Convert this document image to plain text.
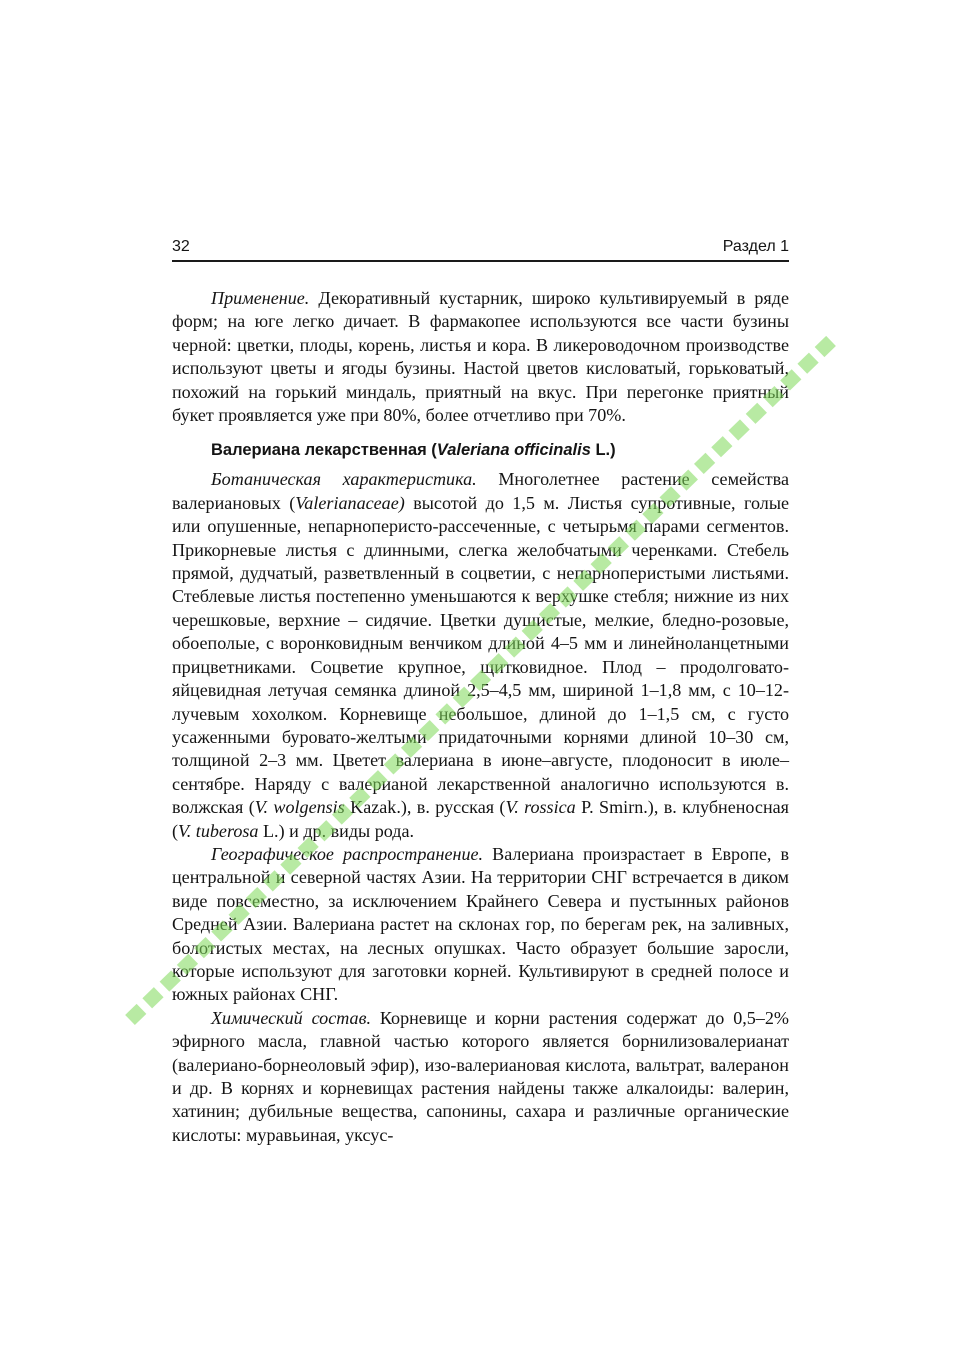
32	Раздел 1

Применение. Декоративный кустарник, широко культивируемый в ряде форм; на юге легко дичает. В фармакопее используются все части бузины черной: цветки, плоды, корень, листья и кора. В ликероводочном производстве используют цветы и ягоды бузины. Настой цветов кисловатый, горьковатый, похожий на горький миндаль, приятный на вкус. При перегонке приятный букет проявляется уже при 80%, более отчетливо при 70%.

Валериана лекарственная (Valeriana officinalis L.)

Ботаническая характеристика. Многолетнее растение семейства валериановых (Valerianaceae) высотой до 1,5 м. Листья супротивные, голые или опушенные, непарноперисто-рассеченные, с четырьмя парами сегментов. Прикорневые листья с длинными, слегка желобчатыми черенками. Стебель прямой, дудчатый, разветвленный в соцветии, с непарноперистыми листьями. Стеблевые листья постепенно уменьшаются к верхушке стебля; нижние из них черешковые, верхние – сидячие. Цветки душистые, мелкие, бледно-розовые, обоеполые, с воронковидным венчиком длиной 4–5 мм и линейноланцетными прицветниками. Соцветие крупное, щитковидное. Плод – продолговато-яйцевидная летучая семянка длиной 2,5–4,5 мм, шириной 1–1,8 мм, с 10–12-лучевым хохолком. Корневище небольшое, длиной до 1–1,5 см, с густо усаженными буровато-желтыми придаточными корнями длиной 10–30 см, толщиной 2–3 мм. Цветет валериана в июне–августе, плодоносит в июле–сентябре. Наряду с валерианой лекарственной аналогично используются в. волжская (V. wolgensis Kazak.), в. русская (V. rossica P. Smirn.), в. клубненосная (V. tuberosa L.) и др. виды рода.

Географическое распространение. Валериана произрастает в Европе, в центральной и северной частях Азии. На территории СНГ встречается в диком виде повсеместно, за исключением Крайнего Севера и пустынных районов Средней Азии. Валериана растет на склонах гор, по берегам рек, на заливных, болотистых местах, на лесных опушках. Часто образует большие заросли, которые используют для заготовки корней. Культивируют в средней полосе и южных районах СНГ.

Химический состав. Корневище и корни растения содержат до 0,5–2% эфирного масла, главной частью которого является борнилизовалерианат (валериано-борнеоловый эфир), изо-валериановая кислота, вальтрат, валеранон и др. В корнях и корневищах растения найдены также алкалоиды: валерин, хатинин; дубильные вещества, сапонины, сахара и различные органические кислоты: муравьиная, уксус-
